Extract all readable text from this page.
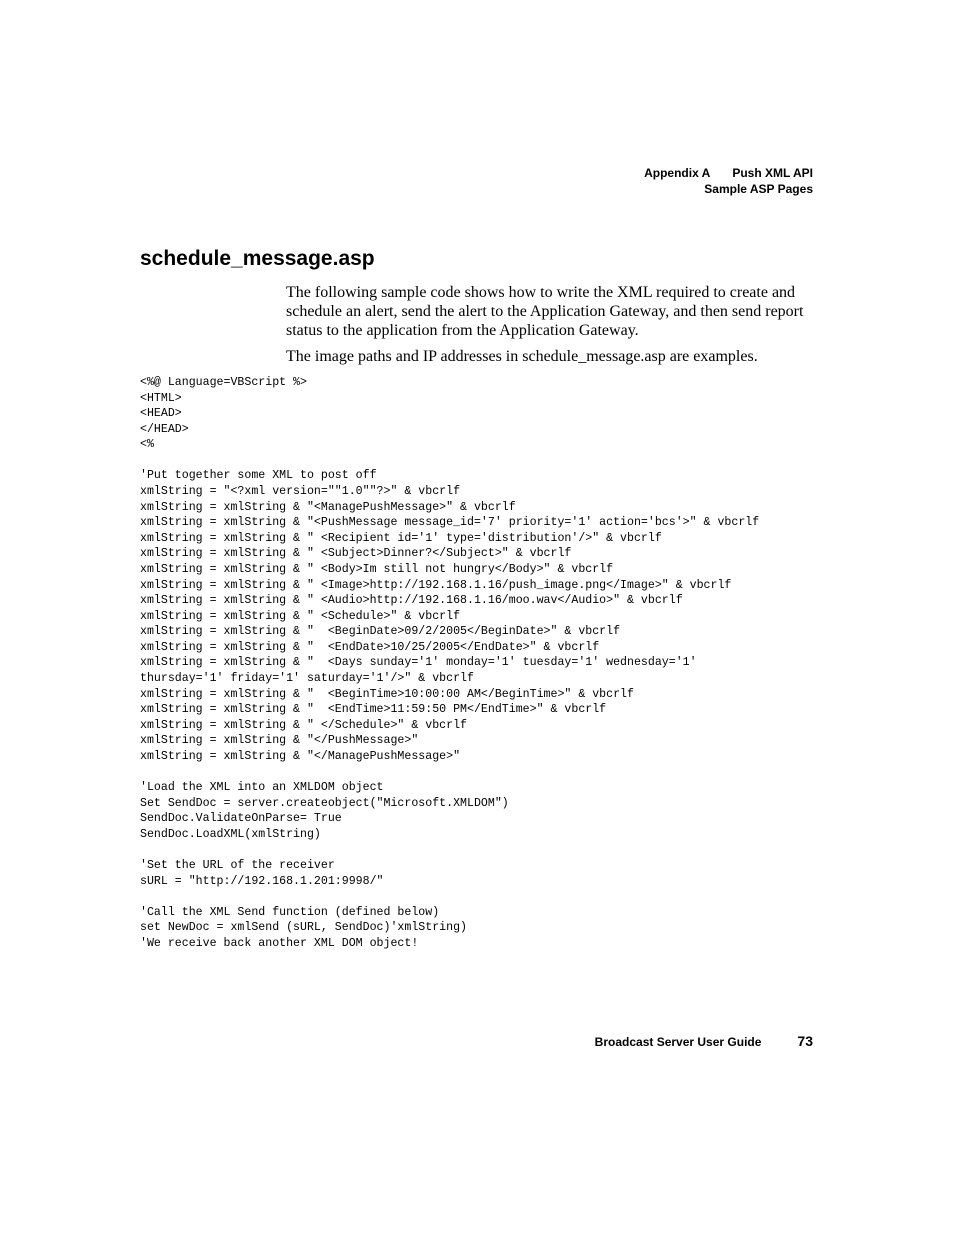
Appendix A Push XML API
Sample ASP Pages
schedule_message.asp

The following sample code shows how to write the XML required to create and schedule an alert, send the alert to the Application Gateway, and then send report status to the application from the Application Gateway.

The image paths and IP addresses in schedule_message.asp are examples.

<%@ Language=VBScript %>
<HTML>
<HEAD>
</HEAD>
<%

'Put together some XML to post off
xmlString = "<?xml version=""1.0""?>" & vbcrlf
xmlString = xmlString & "<ManagePushMessage>" & vbcrlf
xmlString = xmlString & "<PushMessage message_id='7' priority='1' action='bcs'>" & vbcrlf
xmlString = xmlString & " <Recipient id='1' type='distribution'/>" & vbcrlf
xmlString = xmlString & " <Subject>Dinner?</Subject>" & vbcrlf
xmlString = xmlString & " <Body>Im still not hungry</Body>" & vbcrlf
xmlString = xmlString & " <Image>http://192.168.1.16/push_image.png</Image>" & vbcrlf
xmlString = xmlString & " <Audio>http://192.168.1.16/moo.wav</Audio>" & vbcrlf
xmlString = xmlString & " <Schedule>" & vbcrlf
xmlString = xmlString & "  <BeginDate>09/2/2005</BeginDate>" & vbcrlf
xmlString = xmlString & "  <EndDate>10/25/2005</EndDate>" & vbcrlf
xmlString = xmlString & "  <Days sunday='1' monday='1' tuesday='1' wednesday='1'
thursday='1' friday='1' saturday='1'/>" & vbcrlf
xmlString = xmlString & "  <BeginTime>10:00:00 AM</BeginTime>" & vbcrlf
xmlString = xmlString & "  <EndTime>11:59:50 PM</EndTime>" & vbcrlf
xmlString = xmlString & " </Schedule>" & vbcrlf
xmlString = xmlString & "</PushMessage>"
xmlString = xmlString & "</ManagePushMessage>"

'Load the XML into an XMLDOM object
Set SendDoc = server.createobject("Microsoft.XMLDOM")
SendDoc.ValidateOnParse= True
SendDoc.LoadXML(xmlString)

'Set the URL of the receiver
sURL = "http://192.168.1.201:9998/"

'Call the XML Send function (defined below)
set NewDoc = xmlSend (sURL, SendDoc)'xmlString)
'We receive back another XML DOM object!
Broadcast Server User Guide	73
